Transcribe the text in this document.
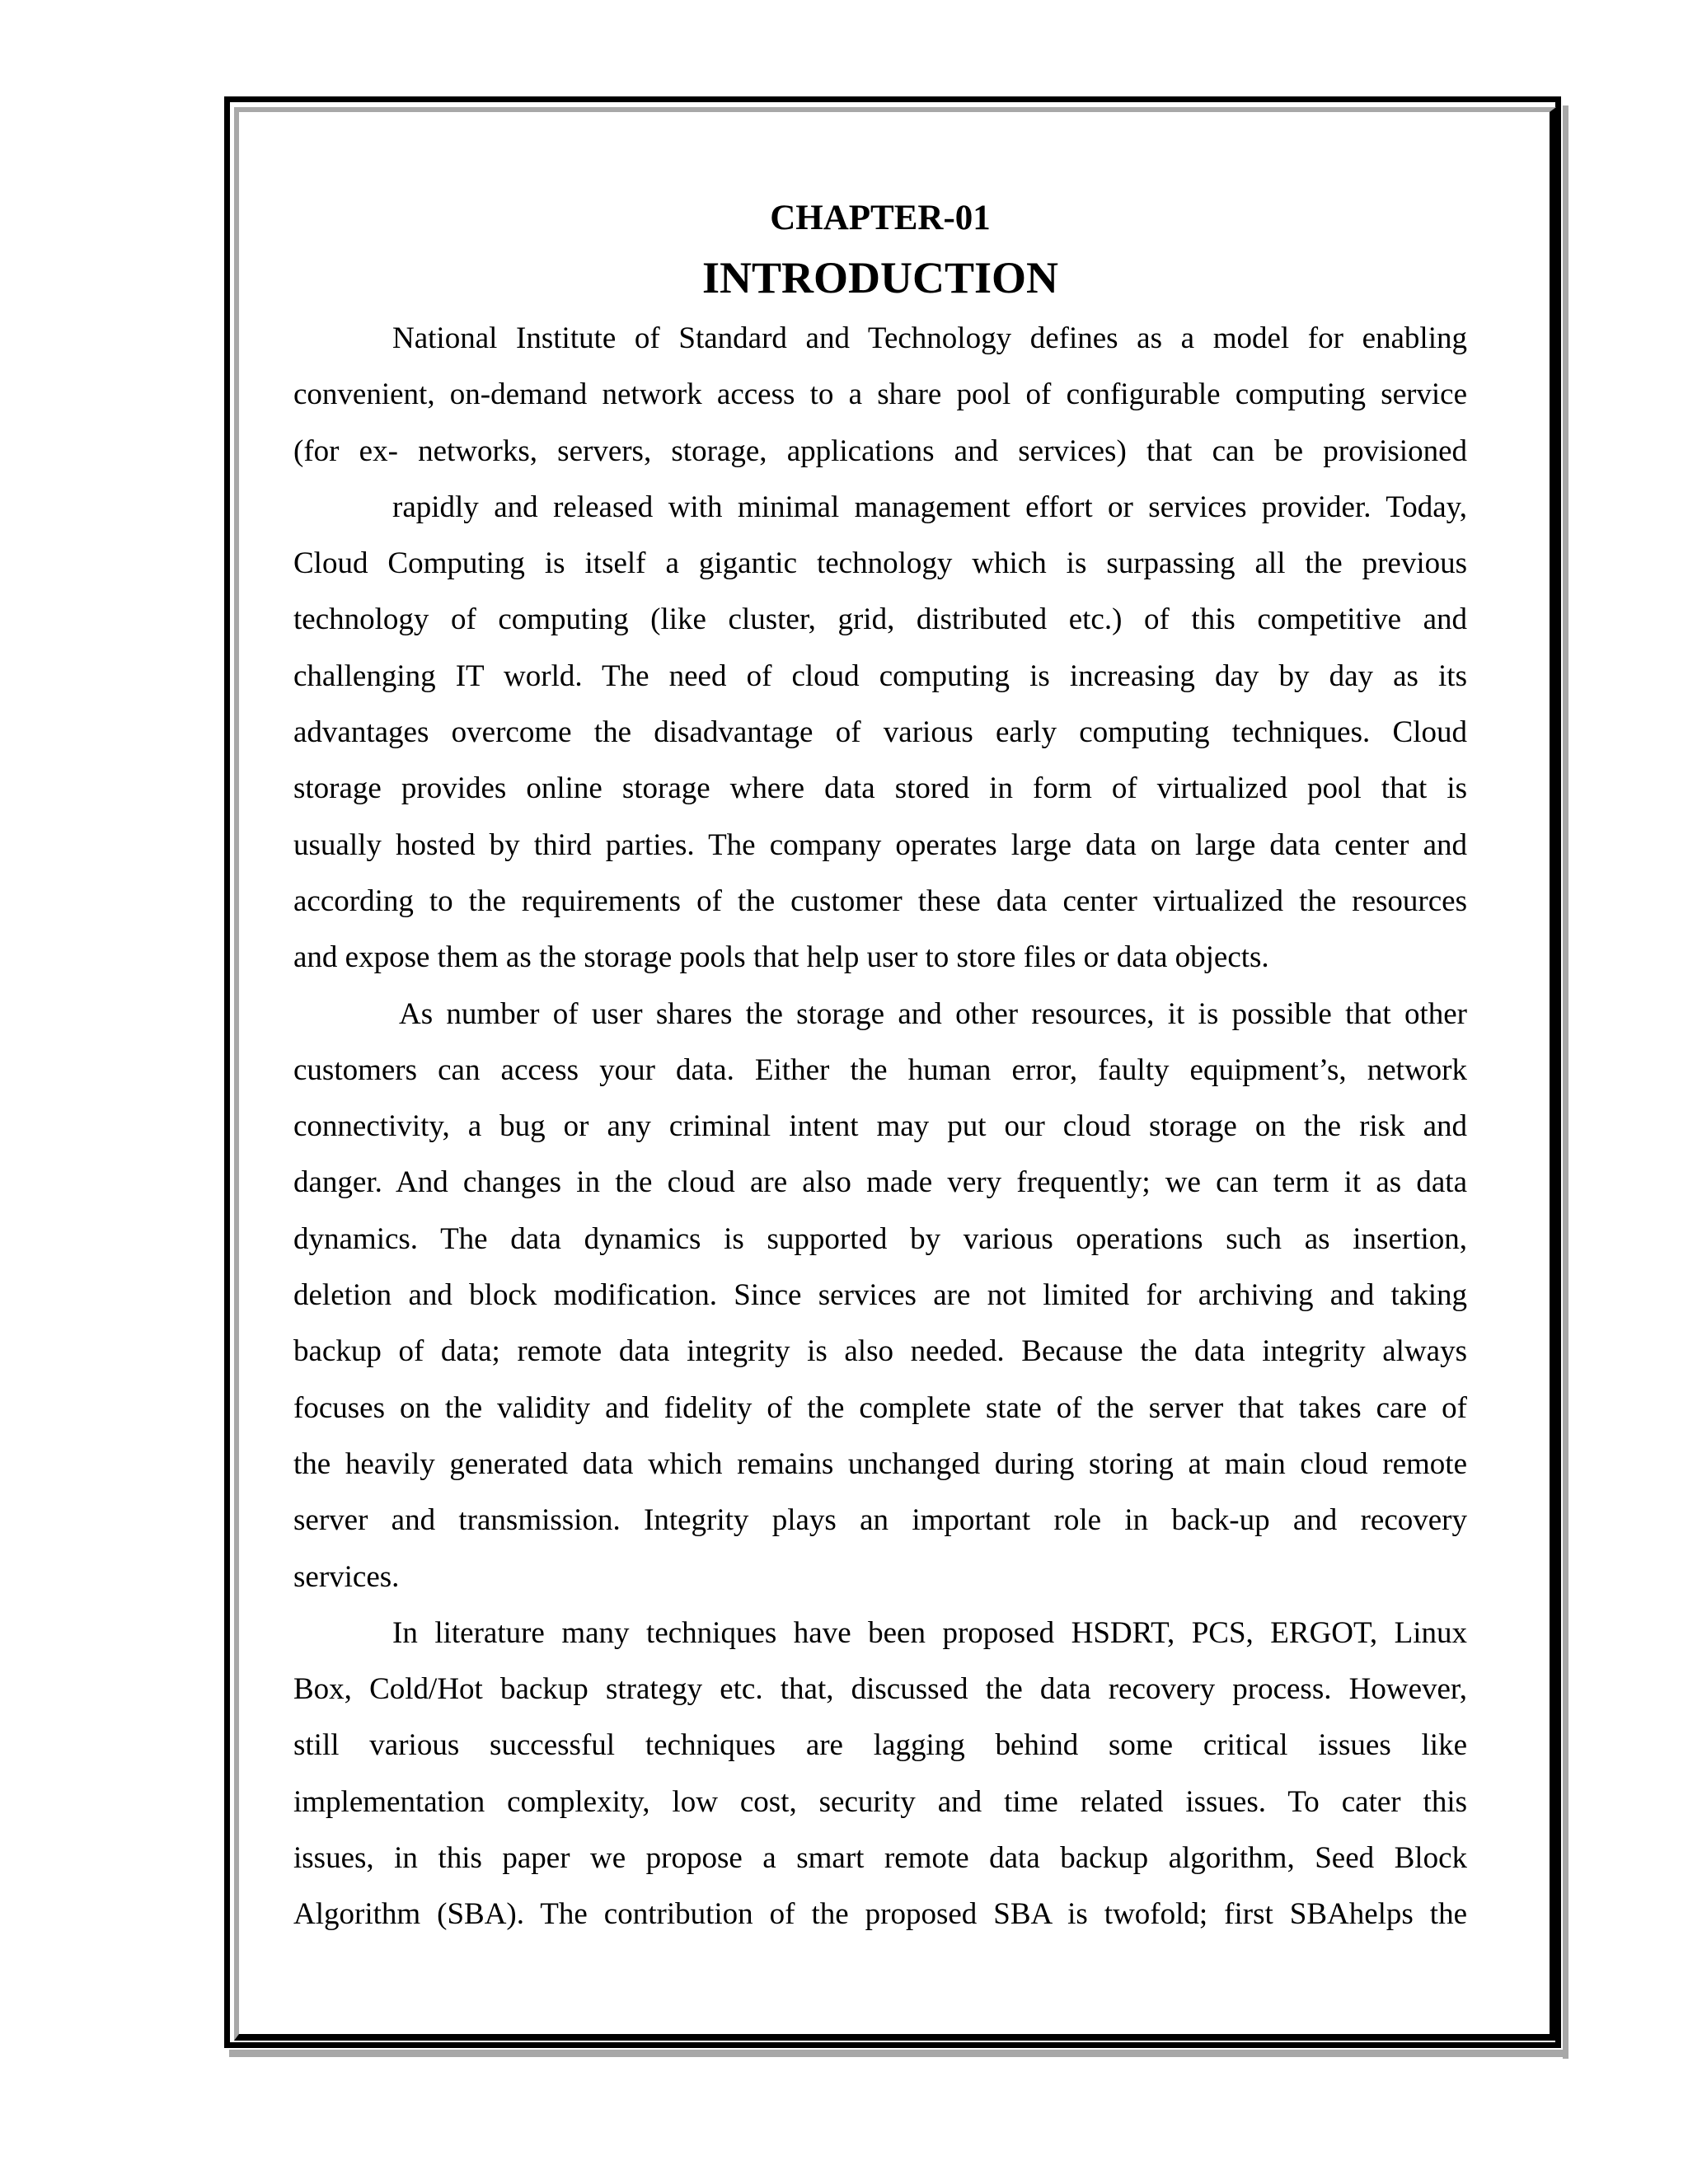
CHAPTER-01
INTRODUCTION
National Institute of Standard and Technology defines as a model for enabling
convenient, on-demand network access to a share pool of configurable computing service
(for ex- networks, servers, storage, applications and services) that can be provisioned
rapidly and released with minimal management effort or services provider. Today,
Cloud Computing is itself a gigantic technology which is surpassing all the previous
technology of computing (like cluster, grid, distributed etc.) of this competitive and
challenging IT world. The need of cloud computing is increasing day by day as its
advantages overcome the disadvantage of various early computing techniques. Cloud
storage provides online storage where data stored in form of virtualized pool that is
usually hosted by third parties. The company operates large data on large data center and
according to the requirements of the customer these data center virtualized the resources
and expose them as the storage pools that help user to store files or data objects.
As number of user shares the storage and other resources, it is possible that other
customers can access your data. Either the human error, faulty equipment’s, network
connectivity, a bug or any criminal intent may put our cloud storage on the risk and
danger. And changes in the cloud are also made very frequently; we can term it as data
dynamics. The data dynamics is supported by various operations such as insertion,
deletion and block modification. Since services are not limited for archiving and taking
backup of data; remote data integrity is also needed. Because the data integrity always
focuses on the validity and fidelity of the complete state of the server that takes care of
the heavily generated data which remains unchanged during storing at main cloud remote
server and transmission. Integrity plays an important role in back-up and recovery
services.
In literature many techniques have been proposed HSDRT, PCS, ERGOT, Linux
Box, Cold/Hot backup strategy etc. that, discussed the data recovery process. However,
still various successful techniques are lagging behind some critical issues like
implementation complexity, low cost, security and time related issues. To cater this
issues, in this paper we propose a smart remote data backup algorithm, Seed Block
Algorithm (SBA). The contribution of the proposed SBA is twofold; first SBAhelps the
